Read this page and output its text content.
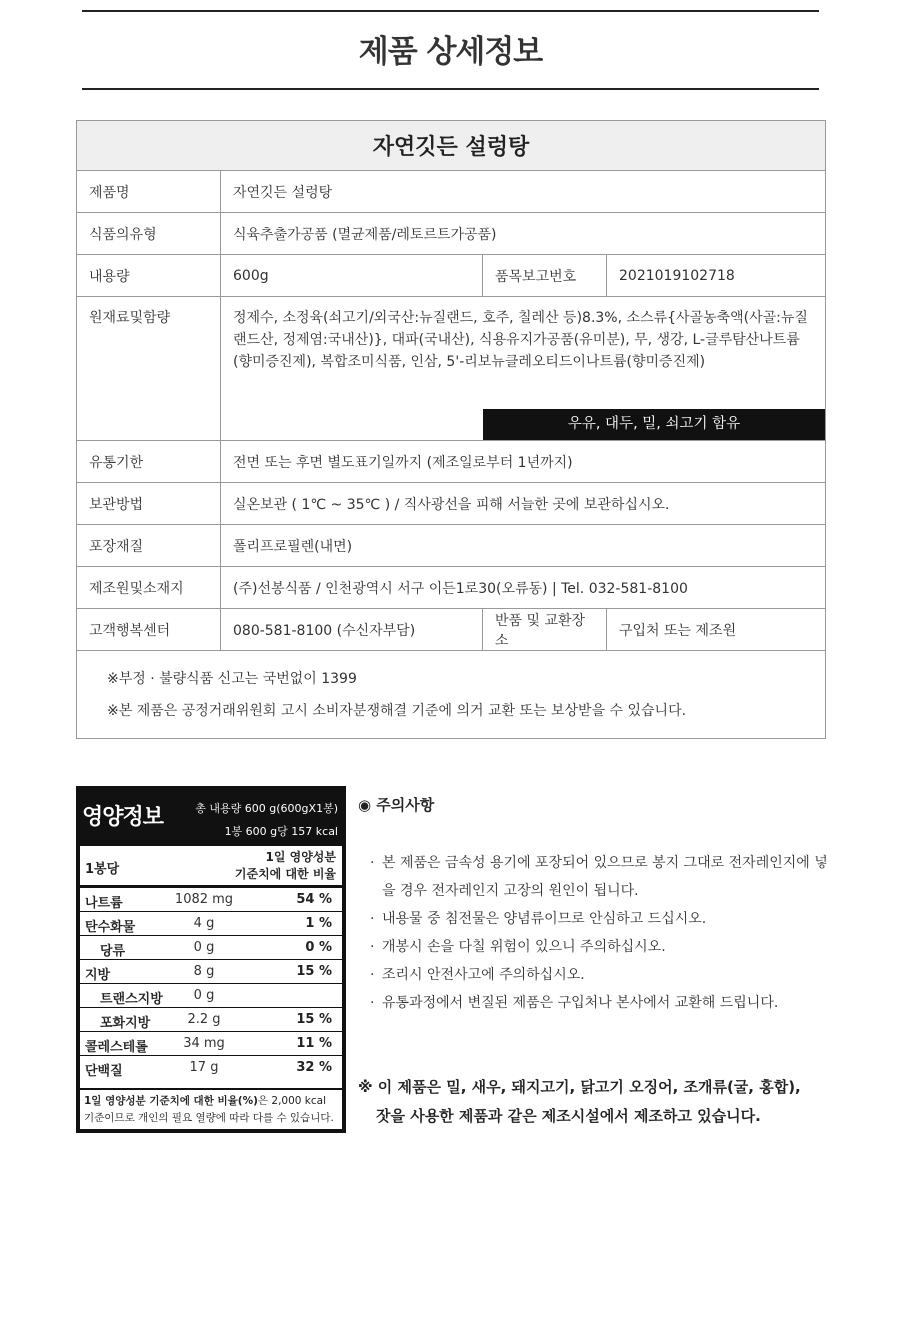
제품 상세정보
자연깃든 설렁탕			
제품명	자연깃든 설렁탕		
식품의유형	식육추출가공품 (멸균제품/레토르트가공품)		
내용량	600g	품목보고번호	2021019102718
원재료및함량	정제수, 소정육(쇠고기/외국산:뉴질랜드, 호주, 칠레산 등)8.3%, 소스류{사골농축액(사골:뉴질랜드산, 정제염:국내산)}, 대파(국내산), 식용유지가공품(유미분), 무, 생강, L-글루탐산나트륨(향미증진제), 복합조미식품, 인삼, 5'-리보뉴클레오티드이나트륨(향미증진제)
우유, 대두, 밀, 쇠고기 함유		

유통기한	전면 또는 후면 별도표기일까지 (제조일로부터 1년까지)		
보관방법	실온보관 ( 1℃ ~ 35℃ ) / 직사광선을 피해 서늘한 곳에 보관하십시오.		
포장재질	폴리프로필렌(내면)		
제조원및소재지	(주)선봉식품 / 인천광역시 서구 이든1로30(오류동) | Tel. 032-581-8100		
고객행복센터	080-581-8100 (수신자부담)	반품 및 교환장소	구입처 또는 제조원

※부정 · 불량식품 신고는 국번없이 1399
※본 제품은 공정거래위원회 고시 소비자분쟁해결 기준에 의거 교환 또는 보상받을 수 있습니다.			
영양정보	총 내용량 600 g(600gX1봉)
1봉 600 g당 157 kcal
1봉당
1일 영양성분
기준치에 대한 비율
나트륨	1082 mg	54 %
탄수화물	4 g	1 %
당류	0 g	0 %
지방	8 g	15 %
트랜스지방	0 g
포화지방	2.2 g	15 %
콜레스테롤	34 mg	11 %
단백질	17 g	32 %
1일 영양성분 기준치에 대한 비율(%)은 2,000 kcal
기준이므로 개인의 필요 열량에 따라 다를 수 있습니다.
◉ 주의사항
· 본 제품은 금속성 용기에 포장되어 있으므로 봉지 그대로 전자레인지에 넣을 경우 전자레인지 고장의 원인이 됩니다.
· 내용물 중 침전물은 양념류이므로 안심하고 드십시오.
· 개봉시 손을 다칠 위험이 있으니 주의하십시오.
· 조리시 안전사고에 주의하십시오.
· 유통과정에서 변질된 제품은 구입처나 본사에서 교환해 드립니다.
※ 이 제품은 밀, 새우, 돼지고기, 닭고기 오징어, 조개류(굴, 홍합),
잣을 사용한 제품과 같은 제조시설에서 제조하고 있습니다.
